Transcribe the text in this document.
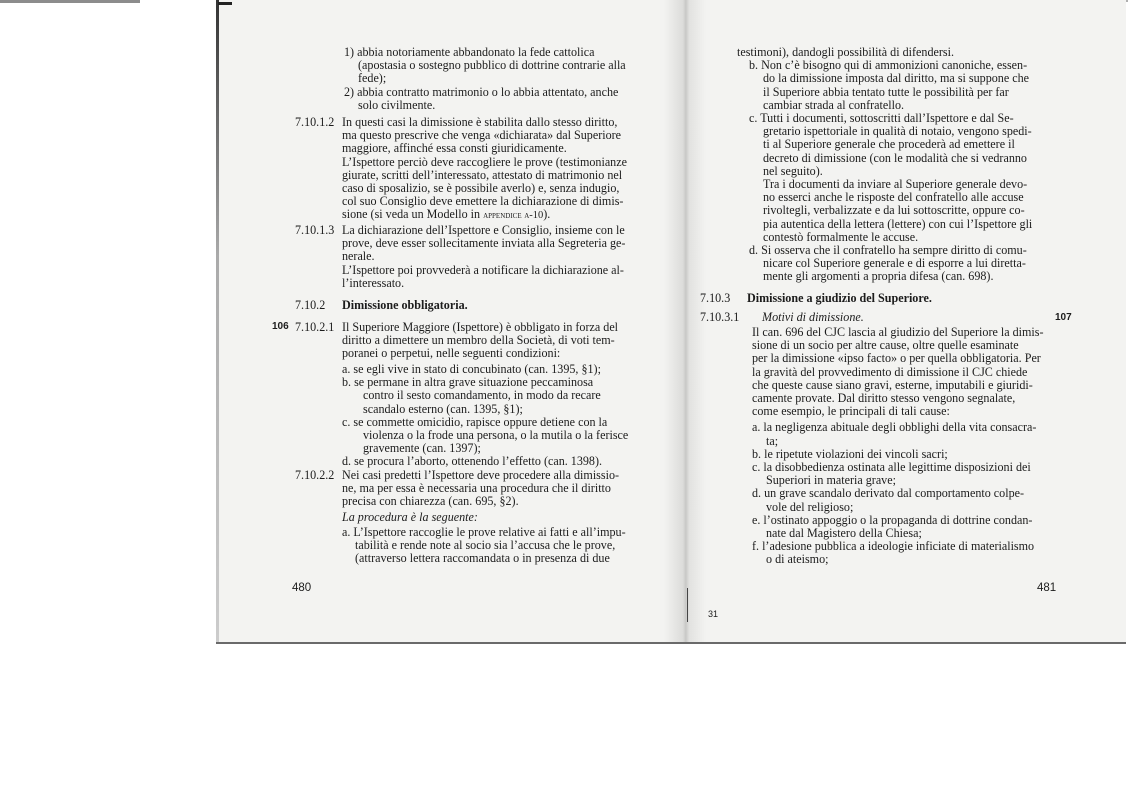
1) abbia notoriamente abbandonato la fede cattolica
(apostasia o sostegno pubblico di dottrine contrarie alla
fede);
2) abbia contratto matrimonio o lo abbia attentato, anche
solo civilmente.
7.10.1.2 In questi casi la dimissione è stabilita dallo stesso diritto,
ma questo prescrive che venga «dichiarata» dal Superiore
maggiore, affinché essa consti giuridicamente.
L’Ispettore perciò deve raccogliere le prove (testimonianze
giurate, scritti dell’interessato, attestato di matrimonio nel
caso di sposalizio, se è possibile averlo) e, senza indugio,
col suo Consiglio deve emettere la dichiarazione di dimis-
sione (si veda un Modello in appendice a-10).
7.10.1.3 La dichiarazione dell’Ispettore e Consiglio, insieme con le
prove, deve esser sollecitamente inviata alla Segreteria ge-
nerale.
L’Ispettore poi provvederà a notificare la dichiarazione al-
l’interessato.
7.10.2	Dimissione obbligatoria.
7.10.2.1 Il Superiore Maggiore (Ispettore) è obbligato in forza del
diritto a dimettere un membro della Società, di voti tem-
poranei o perpetui, nelle seguenti condizioni:
a. se egli vive in stato di concubinato (can. 1395, §1);
b. se permane in altra grave situazione peccaminosa
contro il sesto comandamento, in modo da recare
scandalo esterno (can. 1395, §1);
c. se commette omicidio, rapisce oppure detiene con la
violenza o la frode una persona, o la mutila o la ferisce
gravemente (can. 1397);
d. se procura l’aborto, ottenendo l’effetto (can. 1398).
7.10.2.2 Nei casi predetti l’Ispettore deve procedere alla dimissio-
ne, ma per essa è necessaria una procedura che il diritto
precisa con chiarezza (can. 695, §2).
La procedura è la seguente:
a. L’Ispettore raccoglie le prove relative ai fatti e all’impu-
tabilità e rende note al socio sia l’accusa che le prove,
(attraverso lettera raccomandata o in presenza di due
106
480
testimoni), dandogli possibilità di difendersi.
b. Non c’è bisogno qui di ammonizioni canoniche, essen-
do la dimissione imposta dal diritto, ma si suppone che
il Superiore abbia tentato tutte le possibilità per far
cambiar strada al confratello.
c. Tutti i documenti, sottoscritti dall’Ispettore e dal Se-
gretario ispettoriale in qualità di notaio, vengono spedi-
ti al Superiore generale che procederà ad emettere il
decreto di dimissione (con le modalità che si vedranno
nel seguito).
Tra i documenti da inviare al Superiore generale devo-
no esserci anche le risposte del confratello alle accuse
rivoltegli, verbalizzate e da lui sottoscritte, oppure co-
pia autentica della lettera (lettere) con cui l’Ispettore gli
contestò formalmente le accuse.
d. Si osserva che il confratello ha sempre diritto di comu-
nicare col Superiore generale e di esporre a lui diretta-
mente gli argomenti a propria difesa (can. 698).
7.10.3	Dimissione a giudizio del Superiore.
7.10.3.1	Motivi di dimissione.
Il can. 696 del CJC lascia al giudizio del Superiore la dimis-
sione di un socio per altre cause, oltre quelle esaminate
per la dimissione «ipso facto» o per quella obbligatoria. Per
la gravità del provvedimento di dimissione il CJC chiede
che queste cause siano gravi, esterne, imputabili e giuridi-
camente provate. Dal diritto stesso vengono segnalate,
come esempio, le principali di tali cause:
a. la negligenza abituale degli obblighi della vita consacra-
ta;
b. le ripetute violazioni dei vincoli sacri;
c. la disobbedienza ostinata alle legittime disposizioni dei
Superiori in materia grave;
d. un grave scandalo derivato dal comportamento colpe-
vole del religioso;
e. l’ostinato appoggio o la propaganda di dottrine condan-
nate dal Magistero della Chiesa;
f. l’adesione pubblica a ideologie inficiate di materialismo
o di ateismo;
107
481
31
